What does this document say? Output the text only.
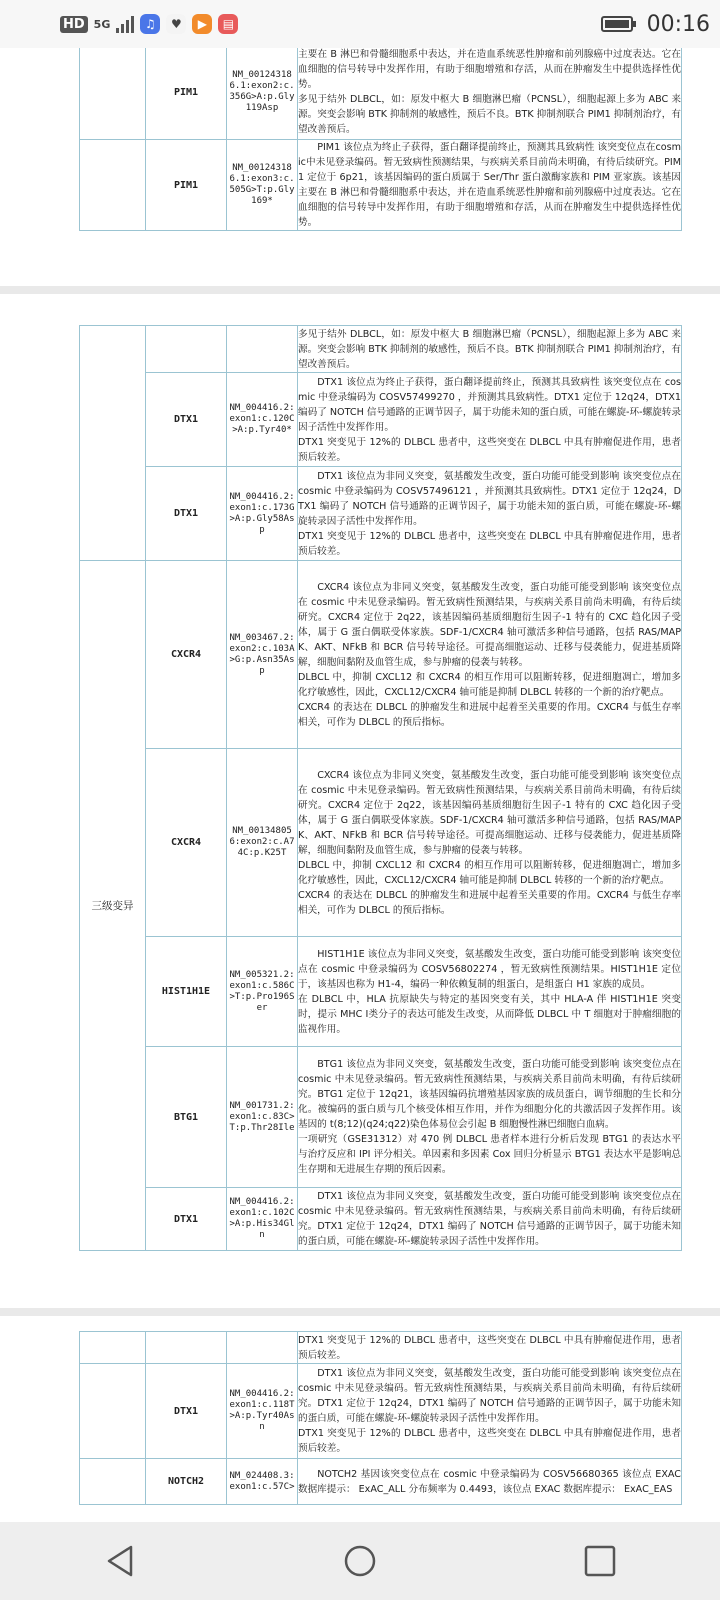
HD 5G	♫	♥	▶	▤	00:16
	PIM1	NM_001243186.1:exon2:c.356G>A:p.Gly119Asp	主要在 B 淋巴和骨髓细胞系中表达，并在造血系统恶性肿瘤和前列腺癌中过度表达。它在血细胞的信号转导中发挥作用，有助于细胞增殖和存活，从而在肿瘤发生中提供选择性优势。

多见于结外 DLBCL，如：原发中枢大 B 细胞淋巴瘤（PCNSL），细胞起源上多为 ABC 来源。突变会影响 BTK 抑制剂的敏感性，预后不良。BTK 抑制剂联合 PIM1 抑制剂治疗，有望改善预后。

	PIM1	NM_001243186.1:exon3:c.505G>T:p.Gly169*	PIM1 该位点为终止子获得，蛋白翻译提前终止，预测其具致病性 该突变位点在cosmic中未见登录编码。暂无致病性预测结果，与疾病关系目前尚未明确，有待后续研究。PIM1 定位于 6p21，该基因编码的蛋白质属于 Ser/Thr 蛋白激酶家族和 PIM 亚家族。该基因主要在 B 淋巴和骨髓细胞系中表达，并在造血系统恶性肿瘤和前列腺癌中过度表达。它在血细胞的信号转导中发挥作用，有助于细胞增殖和存活，从而在肿瘤发生中提供选择性优势。

			多见于结外 DLBCL，如：原发中枢大 B 细胞淋巴瘤（PCNSL），细胞起源上多为 ABC 来源。突变会影响 BTK 抑制剂的敏感性，预后不良。BTK 抑制剂联合 PIM1 抑制剂治疗，有望改善预后。

	DTX1	NM_004416.2:exon1:c.120C>A:p.Tyr40*	DTX1 该位点为终止子获得，蛋白翻译提前终止，预测其具致病性 该突变位点在 cosmic 中登录编码为 COSV57499270 ，并预测其具致病性。DTX1 定位于 12q24，DTX1 编码了 NOTCH 信号通路的正调节因子，属于功能未知的蛋白质，可能在螺旋-环-螺旋转录因子活性中发挥作用。

DTX1 突变见于 12%的 DLBCL 患者中，这些突变在 DLBCL 中具有肿瘤促进作用，患者预后较差。

	DTX1	NM_004416.2:exon1:c.173G>A:p.Gly58Asp	DTX1 该位点为非同义突变，氨基酸发生改变，蛋白功能可能受到影响 该突变位点在 cosmic 中登录编码为 COSV57496121 ，并预测其具致病性。DTX1 定位于 12q24，DTX1 编码了 NOTCH 信号通路的正调节因子，属于功能未知的蛋白质，可能在螺旋-环-螺旋转录因子活性中发挥作用。

DTX1 突变见于 12%的 DLBCL 患者中，这些突变在 DLBCL 中具有肿瘤促进作用，患者预后较差。

三级变异	CXCR4	NM_003467.2:exon2:c.103A>G:p.Asn35Asp	CXCR4 该位点为非同义突变，氨基酸发生改变，蛋白功能可能受到影响 该突变位点在 cosmic 中未见登录编码。暂无致病性预测结果，与疾病关系目前尚未明确，有待后续研究。CXCR4 定位于 2q22，该基因编码基质细胞衍生因子-1 特有的 CXC 趋化因子受体，属于 G 蛋白偶联受体家族。SDF-1/CXCR4 轴可激活多种信号通路，包括 RAS/MAPK、AKT、NFkB 和 BCR 信号转导途径。可提高细胞运动、迁移与侵袭能力，促进基质降解，细胞间黏附及血管生成，参与肿瘤的侵袭与转移。

DLBCL 中，抑制 CXCL12 和 CXCR4 的相互作用可以阻断转移，促进细胞凋亡，增加多化疗敏感性，因此，CXCL12/CXCR4 轴可能是抑制 DLBCL 转移的一个新的治疗靶点。

CXCR4 的表达在 DLBCL 的肿瘤发生和进展中起着至关重要的作用。CXCR4 与低生存率相关，可作为 DLBCL 的预后指标。

	CXCR4	NM_001348056:exon2:c.A74C:p.K25T	CXCR4 该位点为非同义突变，氨基酸发生改变，蛋白功能可能受到影响 该突变位点在 cosmic 中未见登录编码。暂无致病性预测结果，与疾病关系目前尚未明确，有待后续研究。CXCR4 定位于 2q22，该基因编码基质细胞衍生因子-1 特有的 CXC 趋化因子受体，属于 G 蛋白偶联受体家族。SDF-1/CXCR4 轴可激活多种信号通路，包括 RAS/MAPK、AKT、NFkB 和 BCR 信号转导途径。可提高细胞运动、迁移与侵袭能力，促进基质降解，细胞间黏附及血管生成，参与肿瘤的侵袭与转移。

DLBCL 中，抑制 CXCL12 和 CXCR4 的相互作用可以阻断转移，促进细胞凋亡，增加多化疗敏感性，因此，CXCL12/CXCR4 轴可能是抑制 DLBCL 转移的一个新的治疗靶点。

CXCR4 的表达在 DLBCL 的肿瘤发生和进展中起着至关重要的作用。CXCR4 与低生存率相关，可作为 DLBCL 的预后指标。

	HIST1H1E	NM_005321.2:exon1:c.586C>T:p.Pro196Ser	HIST1H1E 该位点为非同义突变，氨基酸发生改变，蛋白功能可能受到影响 该突变位点在 cosmic 中登录编码为 COSV56802274 ，暂无致病性预测结果。HIST1H1E 定位于，该基因也称为 H1-4，编码一种依赖复制的组蛋白，是组蛋白 H1 家族的成员。

在 DLBCL 中，HLA 抗原缺失与特定的基因突变有关，其中 HLA-A 伴 HIST1H1E 突变时，提示 MHC Ⅰ类分子的表达可能发生改变，从而降低 DLBCL 中 T 细胞对于肿瘤细胞的监视作用。

	BTG1	NM_001731.2:exon1:c.83C>T:p.Thr28Ile	BTG1 该位点为非同义突变，氨基酸发生改变，蛋白功能可能受到影响 该突变位点在 cosmic 中未见登录编码。暂无致病性预测结果，与疾病关系目前尚未明确，有待后续研究。BTG1 定位于 12q21，该基因编码抗增殖基因家族的成员蛋白，调节细胞的生长和分化。被编码的蛋白质与几个核受体相互作用，并作为细胞分化的共激活因子发挥作用。该基因的 t(8;12)(q24;q22)染色体易位会引起 B 细胞慢性淋巴细胞白血病。

一项研究（GSE31312）对 470 例 DLBCL 患者样本进行分析后发现 BTG1 的表达水平与治疗反应和 IPI 评分相关。单因素和多因素 Cox 回归分析显示 BTG1 表达水平是影响总生存期和无进展生存期的预后因素。

	DTX1	NM_004416.2:exon1:c.102C>A:p.His34Gln	DTX1 该位点为非同义突变，氨基酸发生改变，蛋白功能可能受到影响 该突变位点在 cosmic 中未见登录编码。暂无致病性预测结果，与疾病关系目前尚未明确，有待后续研究。DTX1 定位于 12q24，DTX1 编码了 NOTCH 信号通路的正调节因子，属于功能未知的蛋白质，可能在螺旋-环-螺旋转录因子活性中发挥作用。

			DTX1 突变见于 12%的 DLBCL 患者中，这些突变在 DLBCL 中具有肿瘤促进作用，患者预后较差。

	DTX1	NM_004416.2:exon1:c.118T>A:p.Tyr40Asn	DTX1 该位点为非同义突变，氨基酸发生改变，蛋白功能可能受到影响 该突变位点在 cosmic 中未见登录编码。暂无致病性预测结果，与疾病关系目前尚未明确，有待后续研究。DTX1 定位于 12q24，DTX1 编码了 NOTCH 信号通路的正调节因子，属于功能未知的蛋白质，可能在螺旋-环-螺旋转录因子活性中发挥作用。

DTX1 突变见于 12%的 DLBCL 患者中，这些突变在 DLBCL 中具有肿瘤促进作用，患者预后较差。

	NOTCH2	NM_024408.3:exon1:c.57C>	NOTCH2 基因该突变位点在 cosmic 中登录编码为 COSV56680365 该位点 EXAC 数据库提示： ExAC_ALL 分布频率为 0.4493，该位点 EXAC 数据库提示： ExAC_EAS
